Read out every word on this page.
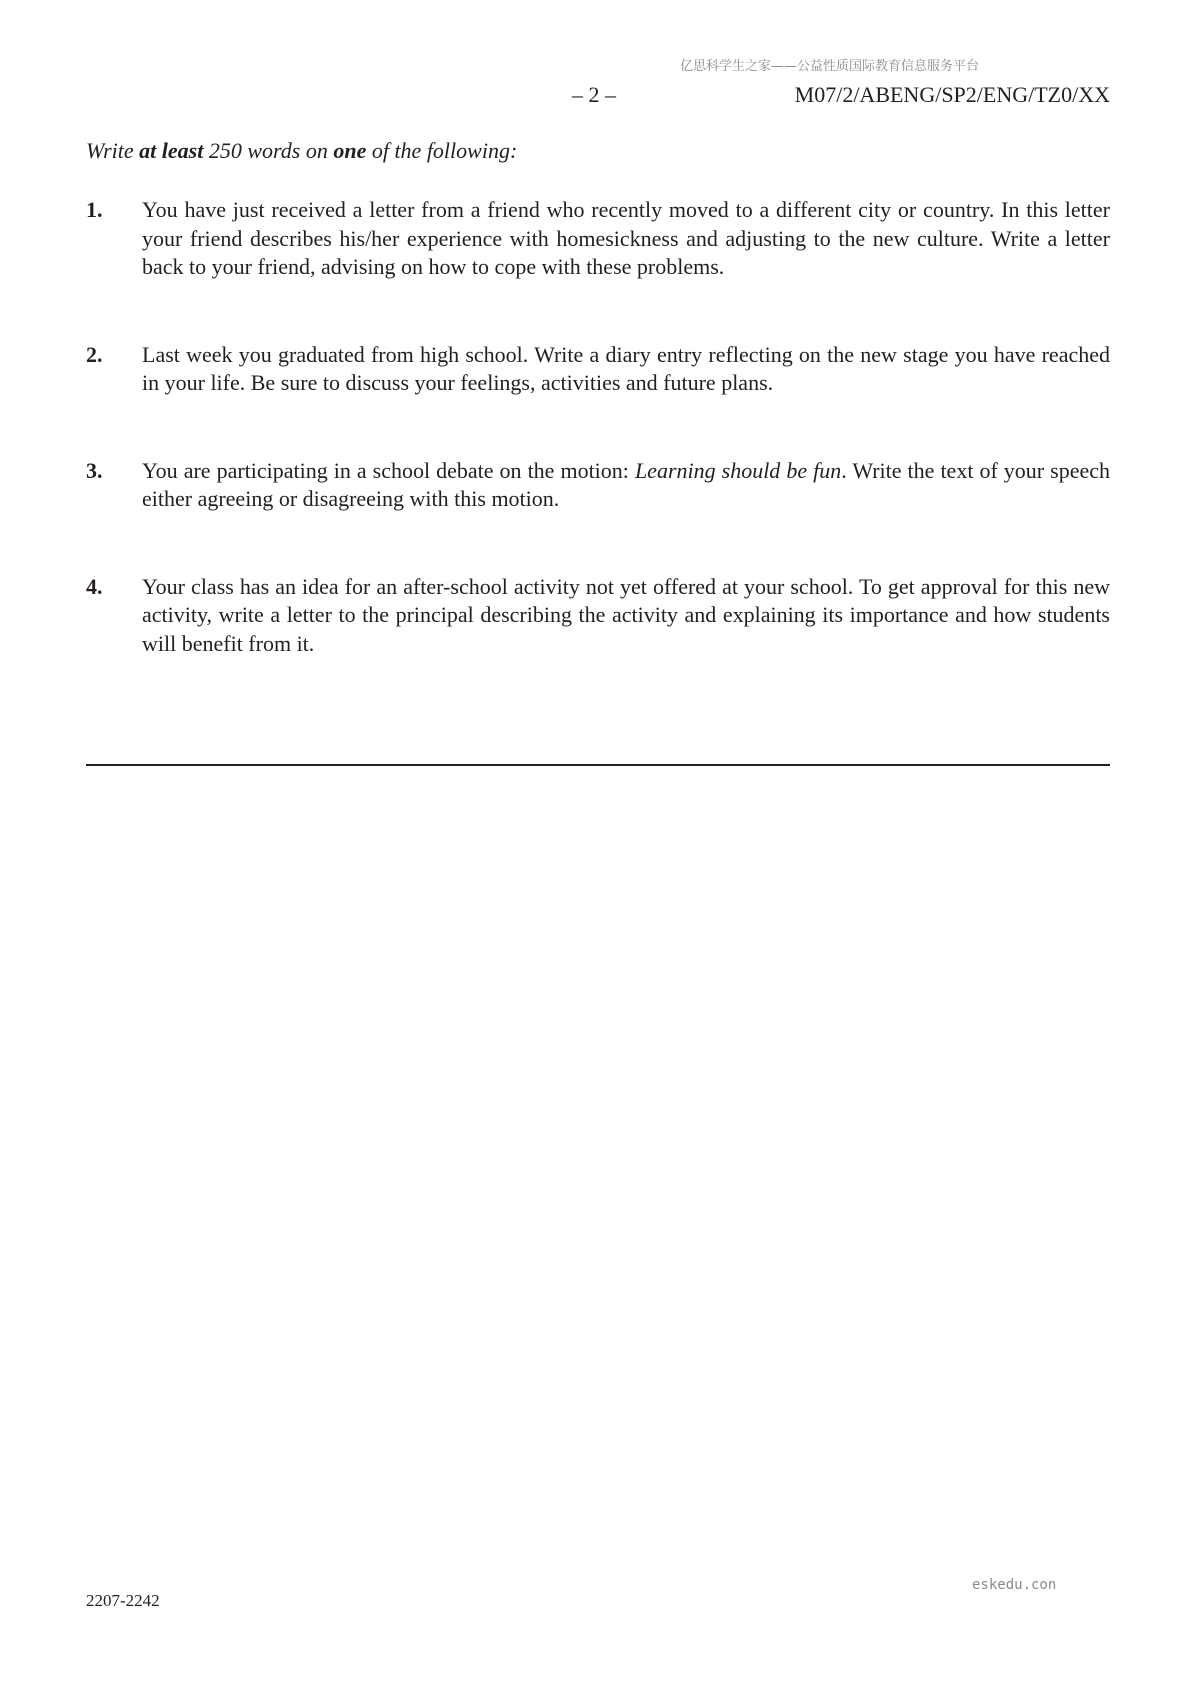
亿思科学生之家——公益性质国际教育信息服务平台
– 2 –	M07/2/ABENG/SP2/ENG/TZ0/XX
Write at least 250 words on one of the following:
1. You have just received a letter from a friend who recently moved to a different city or country. In this letter your friend describes his/her experience with homesickness and adjusting to the new culture. Write a letter back to your friend, advising on how to cope with these problems.
2. Last week you graduated from high school. Write a diary entry reflecting on the new stage you have reached in your life. Be sure to discuss your feelings, activities and future plans.
3. You are participating in a school debate on the motion: Learning should be fun. Write the text of your speech either agreeing or disagreeing with this motion.
4. Your class has an idea for an after-school activity not yet offered at your school. To get approval for this new activity, write a letter to the principal describing the activity and explaining its importance and how students will benefit from it.
2207-2242
eskedu.con
